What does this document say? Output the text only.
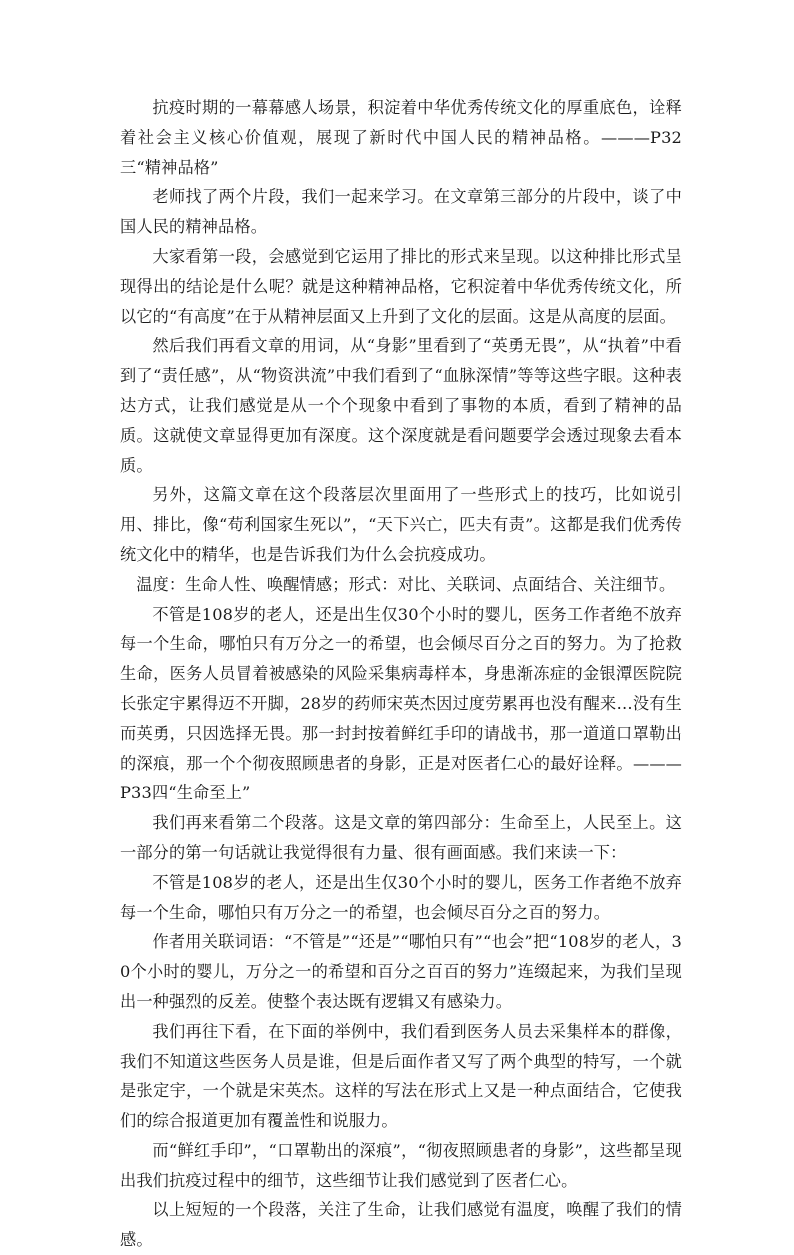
抗疫时期的一幕幕感人场景，积淀着中华优秀传统文化的厚重底色，诠释着社会主义核心价值观，展现了新时代中国人民的精神品格。———P32三“精神品格”

老师找了两个片段，我们一起来学习。在文章第三部分的片段中，谈了中国人民的精神品格。

大家看第一段，会感觉到它运用了排比的形式来呈现。以这种排比形式呈现得出的结论是什么呢？就是这种精神品格，它积淀着中华优秀传统文化，所以它的“有高度”在于从精神层面又上升到了文化的层面。这是从高度的层面。

然后我们再看文章的用词，从“身影”里看到了“英勇无畏”，从“执着”中看到了“责任感”，从“物资洪流”中我们看到了“血脉深情”等等这些字眼。这种表达方式，让我们感觉是从一个个现象中看到了事物的本质，看到了精神的品质。这就使文章显得更加有深度。这个深度就是看问题要学会透过现象去看本质。

另外，这篇文章在这个段落层次里面用了一些形式上的技巧，比如说引用、排比，像“苟利国家生死以”，“天下兴亡，匹夫有责”。这都是我们优秀传统文化中的精华，也是告诉我们为什么会抗疫成功。

温度：生命人性、唤醒情感；形式：对比、关联词、点面结合、关注细节。

不管是108岁的老人，还是出生仅30个小时的婴儿，医务工作者绝不放弃每一个生命，哪怕只有万分之一的希望，也会倾尽百分之百的努力。为了抢救生命，医务人员冒着被感染的风险采集病毒样本，身患渐冻症的金银潭医院院长张定宇累得迈不开脚，28岁的药师宋英杰因过度劳累再也没有醒来…没有生而英勇，只因选择无畏。那一封封按着鲜红手印的请战书，那一道道口罩勒出的深痕，那一个个彻夜照顾患者的身影，正是对医者仁心的最好诠释。———P33四“生命至上”

我们再来看第二个段落。这是文章的第四部分：生命至上，人民至上。这一部分的第一句话就让我觉得很有力量、很有画面感。我们来读一下：

不管是108岁的老人，还是出生仅30个小时的婴儿，医务工作者绝不放弃每一个生命，哪怕只有万分之一的希望，也会倾尽百分之百的努力。

作者用关联词语：“不管是”“还是”“哪怕只有”“也会”把“108岁的老人，30个小时的婴儿，万分之一的希望和百分之百百的努力”连缀起来，为我们呈现出一种强烈的反差。使整个表达既有逻辑又有感染力。

我们再往下看，在下面的举例中，我们看到医务人员去采集样本的群像，我们不知道这些医务人员是谁，但是后面作者又写了两个典型的特写，一个就是张定宇，一个就是宋英杰。这样的写法在形式上又是一种点面结合，它使我们的综合报道更加有覆盖性和说服力。

而“鲜红手印”，“口罩勒出的深痕”，“彻夜照顾患者的身影”，这些都呈现出我们抗疫过程中的细节，这些细节让我们感觉到了医者仁心。

以上短短的一个段落，关注了生命，让我们感觉有温度，唤醒了我们的情感。
